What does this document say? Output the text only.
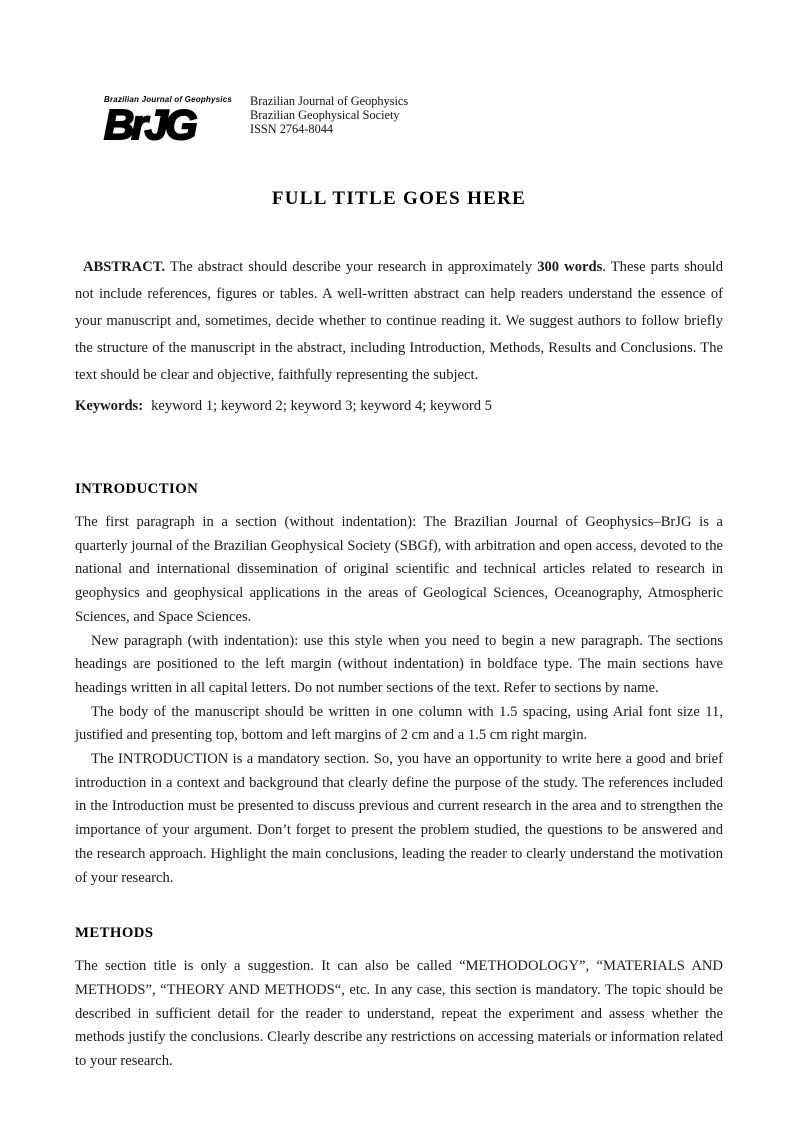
Brazilian Journal of Geophysics
BrJG	Brazilian Journal of Geophysics
Brazilian Geophysical Society
ISSN 2764-8044
FULL TITLE GOES HERE

ABSTRACT. The abstract should describe your research in approximately 300 words. These parts should not include references, figures or tables. A well-written abstract can help readers understand the essence of your manuscript and, sometimes, decide whether to continue reading it. We suggest authors to follow briefly the structure of the manuscript in the abstract, including Introduction, Methods, Results and Conclusions. The text should be clear and objective, faithfully representing the subject.

Keywords: keyword 1; keyword 2; keyword 3; keyword 4; keyword 5

INTRODUCTION

The first paragraph in a section (without indentation): The Brazilian Journal of Geophysics–BrJG is a quarterly journal of the Brazilian Geophysical Society (SBGf), with arbitration and open access, devoted to the national and international dissemination of original scientific and technical articles related to research in geophysics and geophysical applications in the areas of Geological Sciences, Oceanography, Atmospheric Sciences, and Space Sciences.

New paragraph (with indentation): use this style when you need to begin a new paragraph. The sections headings are positioned to the left margin (without indentation) in boldface type. The main sections have headings written in all capital letters. Do not number sections of the text. Refer to sections by name.

The body of the manuscript should be written in one column with 1.5 spacing, using Arial font size 11, justified and presenting top, bottom and left margins of 2 cm and a 1.5 cm right margin.

The INTRODUCTION is a mandatory section. So, you have an opportunity to write here a good and brief introduction in a context and background that clearly define the purpose of the study. The references included in the Introduction must be presented to discuss previous and current research in the area and to strengthen the importance of your argument. Don’t forget to present the problem studied, the questions to be answered and the research approach. Highlight the main conclusions, leading the reader to clearly understand the motivation of your research.

METHODS

The section title is only a suggestion. It can also be called “METHODOLOGY”, “MATERIALS AND METHODS”, “THEORY AND METHODS“, etc. In any case, this section is mandatory. The topic should be described in sufficient detail for the reader to understand, repeat the experiment and assess whether the methods justify the conclusions. Clearly describe any restrictions on accessing materials or information related to your research.
